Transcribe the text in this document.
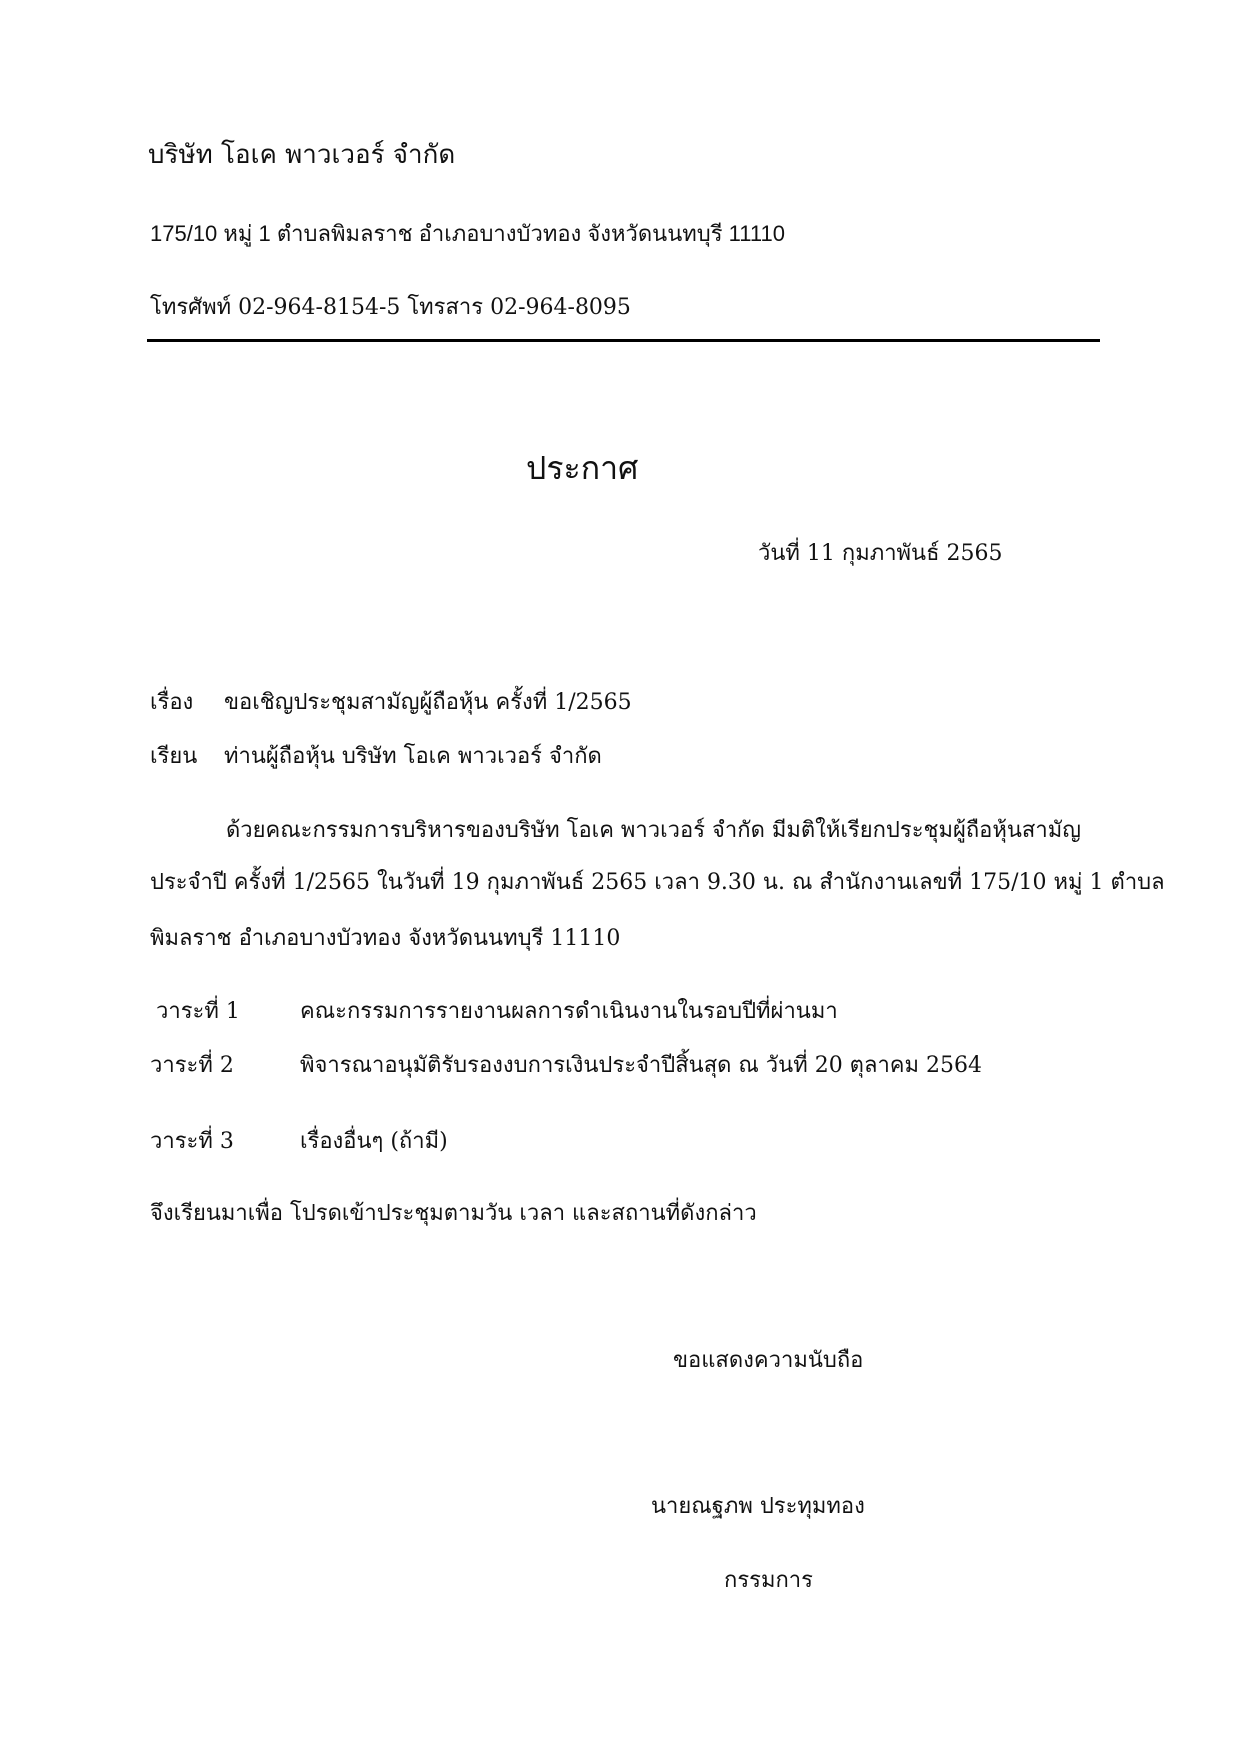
บริษัท โอเค พาวเวอร์ จำกัด
175/10 หมู่ 1 ตำบลพิมลราช อำเภอบางบัวทอง จังหวัดนนทบุรี 11110
โทรศัพท์ 02-964-8154-5 โทรสาร 02-964-8095
ประกาศ
วันที่ 11 กุมภาพันธ์ 2565
เรื่อง ขอเชิญประชุมสามัญผู้ถือหุ้น ครั้งที่ 1/2565
เรียน ท่านผู้ถือหุ้น บริษัท โอเค พาวเวอร์ จำกัด
ด้วยคณะกรรมการบริหารของบริษัท โอเค พาวเวอร์ จำกัด มีมติให้เรียกประชุมผู้ถือหุ้นสามัญ
ประจำปี ครั้งที่ 1/2565 ในวันที่ 19 กุมภาพันธ์ 2565 เวลา 9.30 น. ณ สำนักงานเลขที่ 175/10 หมู่ 1 ตำบล
พิมลราช อำเภอบางบัวทอง จังหวัดนนทบุรี 11110
วาระที่ 1	คณะกรรมการรายงานผลการดำเนินงานในรอบปีที่ผ่านมา
วาระที่ 2	พิจารณาอนุมัติรับรองงบการเงินประจำปีสิ้นสุด ณ วันที่ 20 ตุลาคม 2564
วาระที่ 3	เรื่องอื่นๆ (ถ้ามี)
จึงเรียนมาเพื่อ โปรดเข้าประชุมตามวัน เวลา และสถานที่ดังกล่าว
ขอแสดงความนับถือ
นายณฐภพ ประทุมทอง
กรรมการ
